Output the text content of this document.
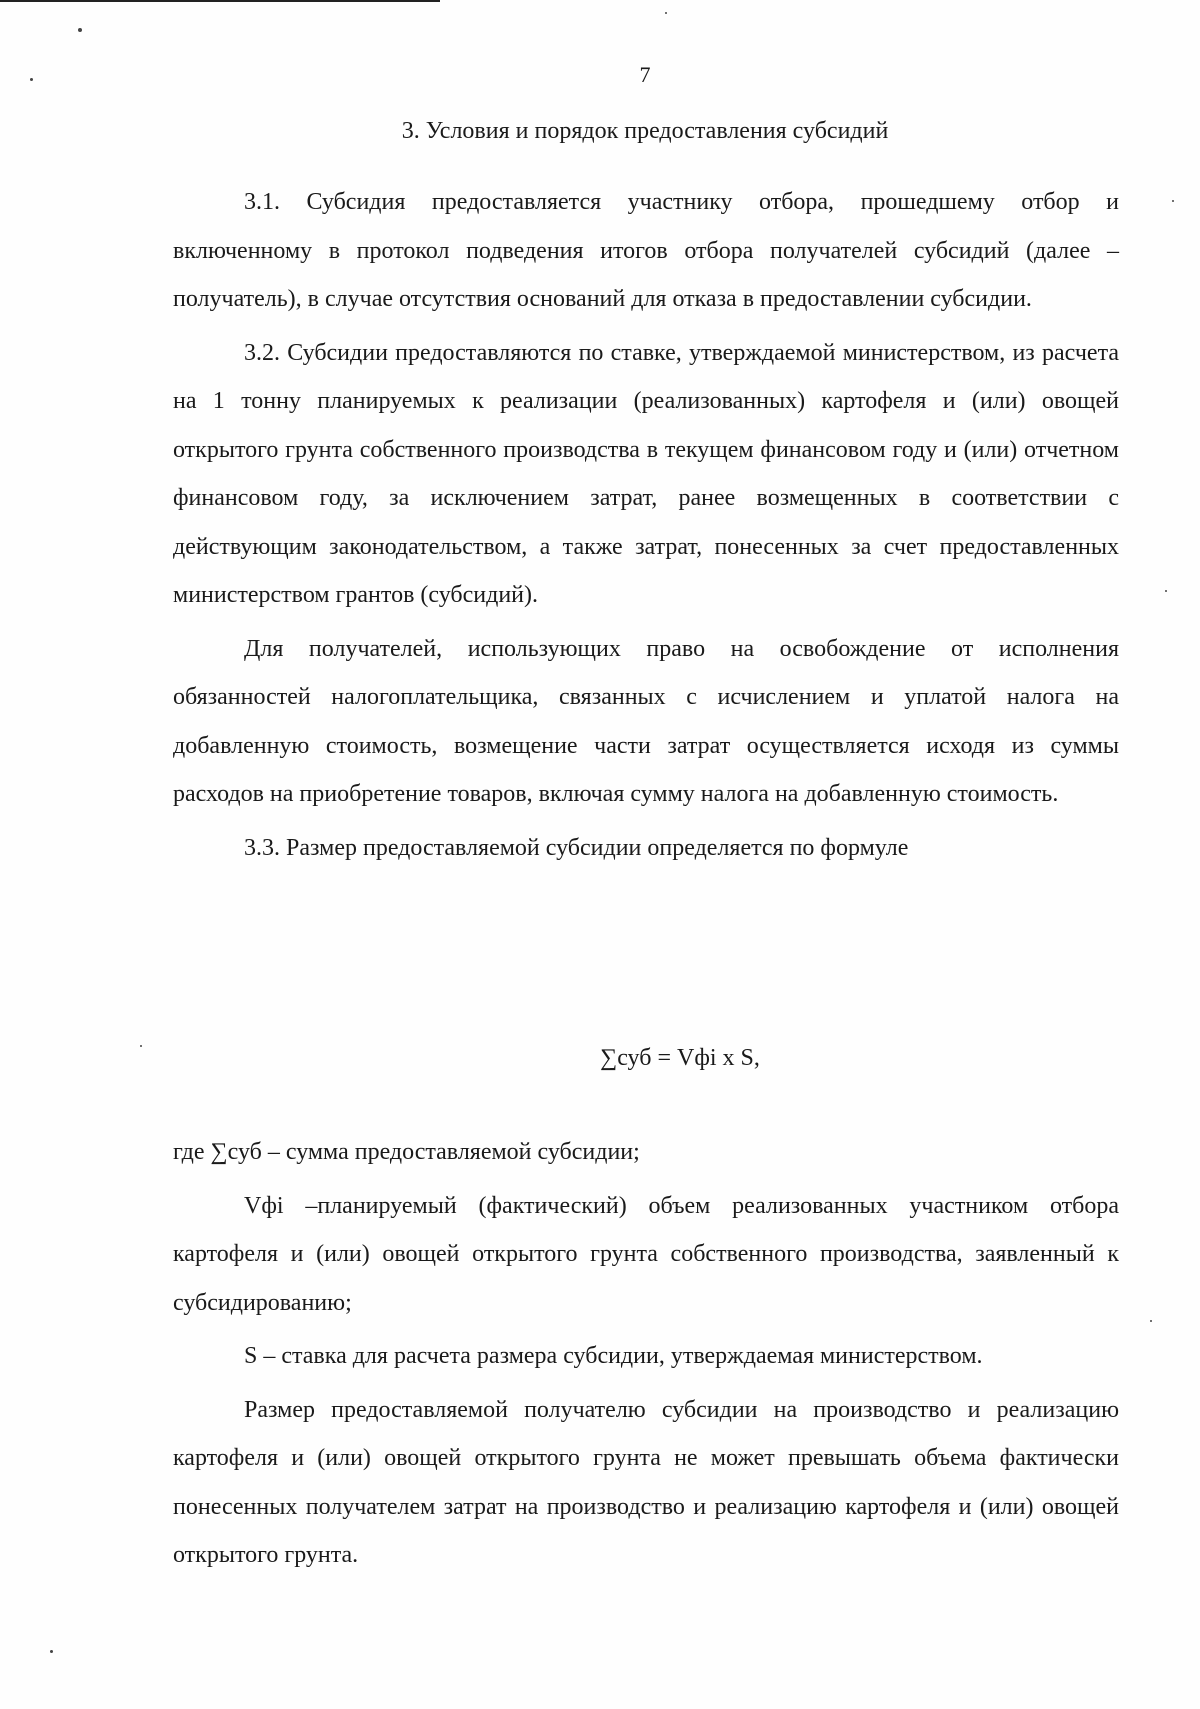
7
3. Условия и порядок предоставления субсидий

3.1. Субсидия предоставляется участнику отбора, прошедшему отбор и включенному в протокол подведения итогов отбора получателей субсидий (далее – получатель), в случае отсутствия оснований для отказа в предоставлении субсидии.

3.2. Субсидии предоставляются по ставке, утверждаемой министерством, из расчета на 1 тонну планируемых к реализации (реализованных) картофеля и (или) овощей открытого грунта собственного производства в текущем финансовом году и (или) отчетном финансовом году, за исключением затрат, ранее возмещенных в соответствии с действующим законодательством, а также затрат, понесенных за счет предоставленных министерством грантов (субсидий).

Для получателей, использующих право на освобождение от исполнения обязанностей налогоплательщика, связанных с исчислением и уплатой налога на добавленную стоимость, возмещение части затрат осуществляется исходя из суммы расходов на приобретение товаров, включая сумму налога на добавленную стоимость.

3.3. Размер предоставляемой субсидии определяется по формуле

∑суб = Vфi x S,

где ∑суб – сумма предоставляемой субсидии;

Vфi –планируемый (фактический) объем реализованных участником отбора картофеля и (или) овощей открытого грунта собственного производства, заявленный к субсидированию;

S – ставка для расчета размера субсидии, утверждаемая министерством.

Размер предоставляемой получателю субсидии на производство и реализацию картофеля и (или) овощей открытого грунта не может превышать объема фактически понесенных получателем затрат на производство и реализацию картофеля и (или) овощей открытого грунта.
